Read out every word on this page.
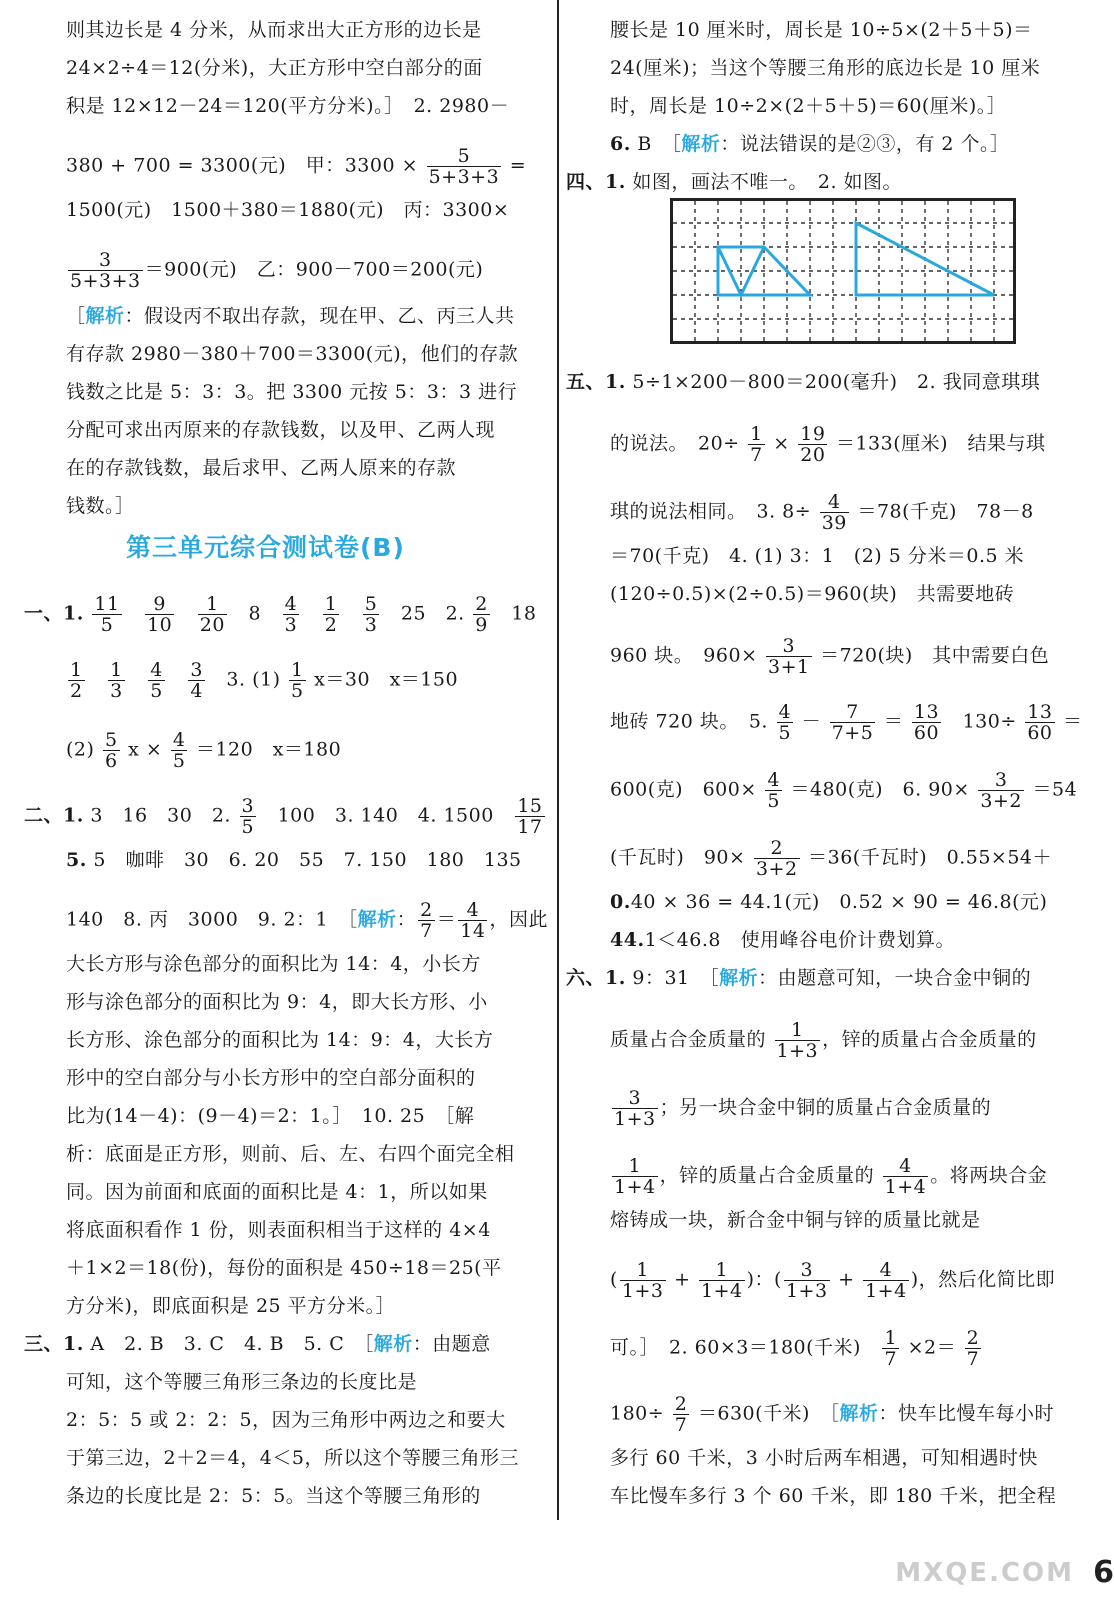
则其边长是 4 分米，从而求出大正方形的边长是
24×2÷4＝12(分米)，大正方形中空白部分的面
积是 12×12－24＝120(平方分米)。］　2. 2980－
380 + 700 = 3300(元)　甲：$3300 \times \frac{5}{5+3+3}$ =
1500(元)　1500＋380＝1880(元)　丙：3300×
$\frac{3}{5+3+3} =900$(元)　乙：900－700＝200(元)
［解析：假设丙不取出存款，现在甲、乙、丙三人共
有存款 2980－380＋700＝3300(元)，他们的存款
钱数之比是 5：3：3。把 3300 元按 5：3：3 进行
分配可求出丙原来的存款钱数，以及甲、乙两人现
在的存款钱数，最后求甲、乙两人原来的存款
钱数。］
一、1. $\frac{11}{5}$
　 $\frac{9}{10}$
　 $\frac{1}{20}$ 　8　 $\frac{4}{3}$
　 $\frac{1}{2}$
　 $\frac{5}{3}$ 　25　2. $\frac{2}{9}$ 　18
$\frac{1}{2}$
　 $\frac{1}{3}$
　 $\frac{4}{5}$
　 $\frac{3}{4}$ 　3. $(1) \frac{1}{5} x=30$　x＝150
$(2) \frac{5}{6}$ $x \times \frac{4}{5} =120$　x＝180
二、1. 3　16　30　2. $\frac{3}{5}$ 　100　3. 140　4. 1500　 $\frac{15}{17}$
5. 5　咖啡　30　6. 20　55　7. 150　180　135
140　8. 丙　3000　9. 2：1　［解析： $\frac{2}{7} = \frac{4}{14}$ ，因此
大长方形与涂色部分的面积比为 14：4，小长方
形与涂色部分的面积比为 9：4，即大长方形、小
长方形、涂色部分的面积比为 14：9：4，大长方
形中的空白部分与小长方形中的空白部分面积的
比为(14－4)：(9－4)＝2：1。］　10. 25　［解
析：底面是正方形，则前、后、左、右四个面完全相
同。因为前面和底面的面积比是 4：1，所以如果
将底面积看作 1 份，则表面积相当于这样的 4×4
＋1×2＝18(份)，每份的面积是 450÷18＝25(平
方分米)，即底面积是 25 平方分米。］
三、1. A　2. B　3. C　4. B　5. C　［解析：由题意
可知，这个等腰三角形三条边的长度比是
2：5：5 或 2：2：5，因为三角形中两边之和要大
于第三边，2＋2＝4，4＜5，所以这个等腰三角形三
条边的长度比是 2：5：5。当这个等腰三角形的
腰长是 10 厘米时，周长是 10÷5×(2＋5＋5)＝
24(厘米)；当这个等腰三角形的底边长是 10 厘米
时，周长是 10÷2×(2＋5＋5)＝60(厘米)。］
6. B　［解析：说法错误的是②③，有 2 个。］
四、1. 如图，画法不唯一。　2. 如图。
五、1. 5÷1×200－800＝200(毫升)　2. 我同意琪琪
的说法。　$20\div \frac{1}{7} \times \frac{19}{20} =133$(厘米)　结果与琪
琪的说法相同。　3. $8\div \frac{4}{39} =78$(千克)　78－8
＝70(千克)　4. (1) 3：1　(2) 5 分米＝0.5 米
(120÷0.5)×(2÷0.5)＝960(块)　共需要地砖
960 块。　$960\times \frac{3}{3+1} =720$(块)　其中需要白色
地砖 720 块。　5. $\frac{4}{5} - \frac{7}{7+5} = \frac{13}{60}$ 　$130\div \frac{13}{60}$ ＝
600(克)　$600\times \frac{4}{5} =480$(克)　6. $90\times \frac{3}{3+2} =54$
(千瓦时)　$90\times \frac{2}{3+2} =36$(千瓦时)　0.55×54＋
0.40 × 36 = 44.1(元)　0.52 × 90 = 46.8(元)
44.1＜46.8　使用峰谷电价计费划算。
六、1. 9：31　［解析：由题意可知，一块合金中铜的
质量占合金质量的 $\frac{1}{1+3}$ ，锌的质量占合金质量的
$\frac{3}{1+3}$ ；另一块合金中铜的质量占合金质量的
$\frac{1}{1+4}$ ，锌的质量占合金质量的 $\frac{4}{1+4}$ 。将两块合金
熔铸成一块，新合金中铜与锌的质量比就是
( $\frac{1}{1+3} + \frac{1}{1+4}$ )：( $\frac{3}{1+3} + \frac{4}{1+4}$ )，然后化简比即
可。］　2. 60×3＝180(千米)　 $\frac{1}{7} \times 2= \frac{2}{7}$
$180\div \frac{2}{7} =630$(千米)　［解析：快车比慢车每小时
多行 60 千米，3 小时后两车相遇，可知相遇时快
车比慢车多行 3 个 60 千米，即 180 千米，把全程
第三单元综合测试卷(B)
MXQE.COM 6
